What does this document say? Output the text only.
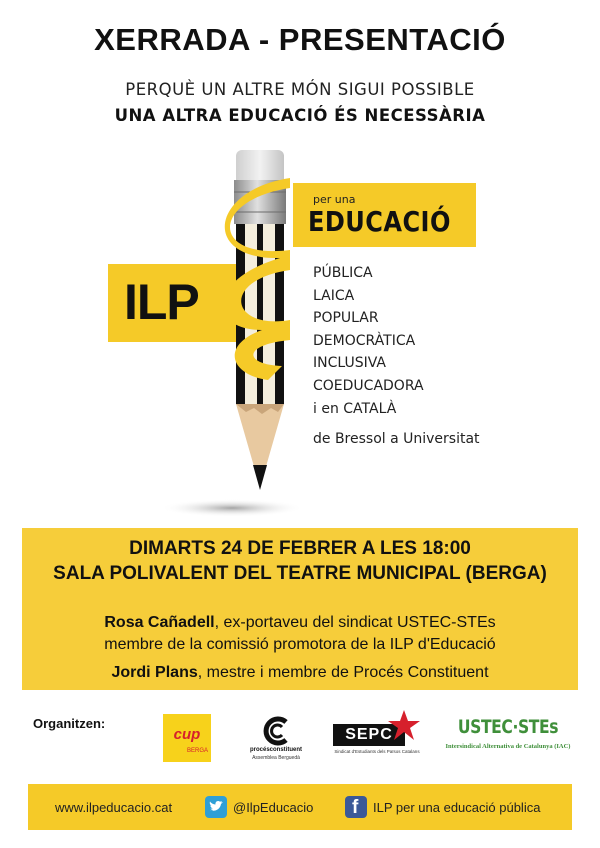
XERRADA - PRESENTACIÓ
PERQUÈ UN ALTRE MÓN SIGUI POSSIBLE
UNA ALTRA EDUCACIÓ ÉS NECESSÀRIA
per una
EDUCACIÓ
ILP
PÚBLICA
LAICA
POPULAR
DEMOCRÀTICA
INCLUSIVA
COEDUCADORA
i en CATALÀ
de Bressol a Universitat
DIMARTS 24 DE FEBRER A LES 18:00
SALA POLIVALENT DEL TEATRE MUNICIPAL (BERGA)
Rosa Cañadell, ex-portaveu del sindicat USTEC-STEs
membre de la comissió promotora de la ILP d'Educació
Jordi Plans, mestre i membre de Procés Constituent
Organitzen:
cup
BERGA	procésconstituent
Assemblea Berguedà
SEPC
Sindicat d'Estudiants dels Països Catalans
USTEC·STEs
Intersindical Alternativa de Catalunya (IAC)
www.ilpeducacio.cat	@IlpEducacio f ILP per una educació pública
